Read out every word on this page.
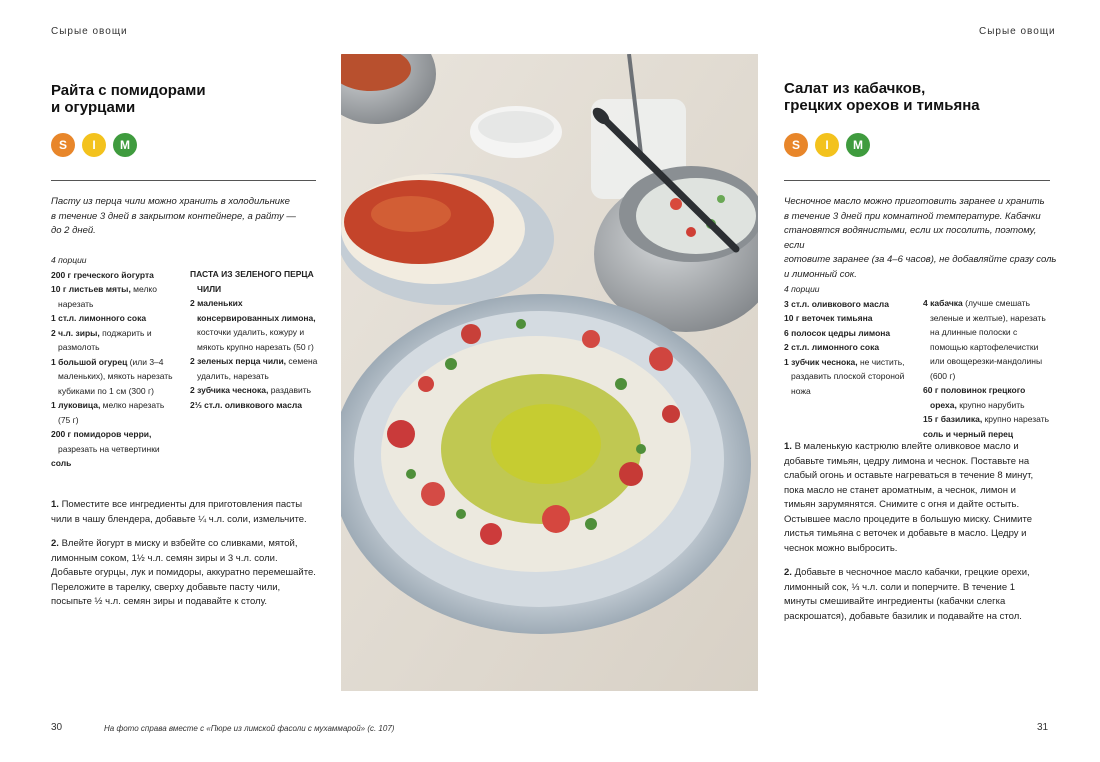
Сырые овощи
Райта с помидорами
и огурцами
S	I	M
Пасту из перца чили можно хранить в холодильнике
в течение 3 дней в закрытом контейнере, а райту —
до 2 дней.

4 порции

200 г греческого йогурта

10 г листьев мяты, мелко нарезать

1 ст.л. лимонного сока

2 ч.л. зиры, поджарить и размолоть

1 большой огурец (или 3–4 маленьких), мякоть нарезать кубиками по 1 см (300 г)

1 луковица, мелко нарезать (75 г)

200 г помидоров черри, разрезать на четвертинки

соль

ПАСТА ИЗ ЗЕЛЕНОГО ПЕРЦА ЧИЛИ

2 маленьких консервированных лимона, косточки удалить, кожуру и мякоть крупно нарезать (50 г)

2 зеленых перца чили, семена удалить, нарезать

2 зубчика чеснока, раздавить

2⅓ ст.л. оливкового масла

1. Поместите все ингредиенты для приготовления пасты чили в чашу блендера, добавьте ¼ ч.л. соли, измельчите.

2. Влейте йогурт в миску и взбейте со сливками, мятой, лимонным соком, 1½ ч.л. семян зиры и 3 ч.л. соли. Добавьте огурцы, лук и помидоры, аккуратно перемешайте. Переложите в тарелку, сверху добавьте пасту чили, посыпьте ½ ч.л. семян зиры и подавайте к столу.

30	На фото справа вместе с «Пюре из лимской фасоли с мухаммарой» (с. 107)
Сырые овощи
Салат из кабачков,
грецких орехов и тимьяна
S	I	M
Чесночное масло можно приготовить заранее и хранить
в течение 3 дней при комнатной температуре. Кабачки
становятся водянистыми, если их посолить, поэтому, если
готовите заранее (за 4–6 часов), не добавляйте сразу соль
и лимонный сок.

4 порции

3 ст.л. оливкового масла

10 г веточек тимьяна

6 полосок цедры лимона

2 ст.л. лимонного сока

1 зубчик чеснока, не чистить, раздавить плоской стороной ножа

4 кабачка (лучше смешать зеленые и желтые), нарезать на длинные полоски с помощью картофелечистки или овощерезки-мандолины (600 г)

60 г половинок грецкого ореха, крупно нарубить

15 г базилика, крупно нарезать

соль и черный перец

1. В маленькую кастрюлю влейте оливковое масло и добавьте тимьян, цедру лимона и чеснок. Поставьте на слабый огонь и оставьте нагреваться в течение 8 минут, пока масло не станет ароматным, а чеснок, лимон и тимьян зарумянятся. Снимите с огня и дайте остыть. Остывшее масло процедите в большую миску. Снимите листья тимьяна с веточек и добавьте в масло. Цедру и чеснок можно выбросить.

2. Добавьте в чесночное масло кабачки, грецкие орехи, лимонный сок, ⅓ ч.л. соли и поперчите. В течение 1 минуты смешивайте ингредиенты (кабачки слегка раскрошатся), добавьте базилик и подавайте на стол.

31
